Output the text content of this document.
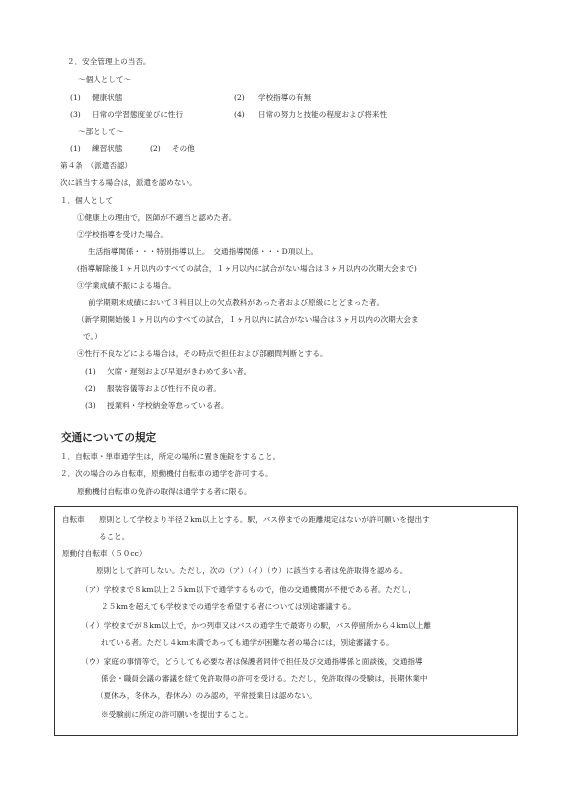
２．安全管理上の当否。
～個人として～
(1) 健康状態	(2) 学校指導の有無
(3) 日常の学習態度並びに性行	(4) 日常の努力と技能の程度および将来性
～部として～
(1) 練習状態	(2) その他
第４条　（派遣否認）
次に該当する場合は，派遣を認めない。
１．個人として
①健康上の理由で，医師が不適当と認めた者。
②学校指導を受けた場合。
生活指導関係・・・特別指導以上。　交通指導関係・・・D項以上。
(指導解除後１ヶ月以内のすべての試合，１ヶ月以内に試合がない場合は３ヶ月以内の次期大会まで)
③学業成績不振による場合。
前学期期末成績において３科目以上の欠点教科があった者および原級にとどまった者。
（新学期開始後１ヶ月以内のすべての試合，１ヶ月以内に試合がない場合は３ヶ月以内の次期大会ま
で。）
④性行不良などによる場合は，その時点で担任および部顧問判断とする。
(1) 欠席・遅刻および早退がきわめて多い者。
(2) 服装容儀等および性行不良の者。
(3) 授業料・学校納金等怠っている者。
交通についての規定
１．自転車・単車通学生は，所定の場所に置き施錠をすること。
２．次の場合のみ自転車，原動機付自転車の通学を許可する。
原動機付自転車の免許の取得は通学する者に限る。
自転車 原則として学校より半径２km以上とする。駅，バス停までの距離規定はないが許可願いを提出す
ること。
原動付自転車（５０cc）
原則として許可しない。ただし，次の（ア）（イ）（ウ）に該当する者は免許取得を認める。
（ア）学校まで８km以上２５km以下で通学するもので，他の交通機関が不便である者。ただし，
２５kmを超えても学校までの通学を希望する者については別途審議する。
（イ）学校までが８km以上で，かつ列車又はバスの通学生で最寄りの駅，バス停留所から４km以上離
れている者。ただし４km未満であっても通学が困難な者の場合には，別途審議する。
（ウ）家庭の事情等で，どうしても必要な者は保護者同伴で担任及び交通指導係と面談後，交通指導
係会・職員会議の審議を経て免許取得の許可を受ける。ただし，免許取得の受験は，長期休業中
（夏休み，冬休み，春休み）のみ認め，平常授業日は認めない。
※受験前に所定の許可願いを提出すること。
